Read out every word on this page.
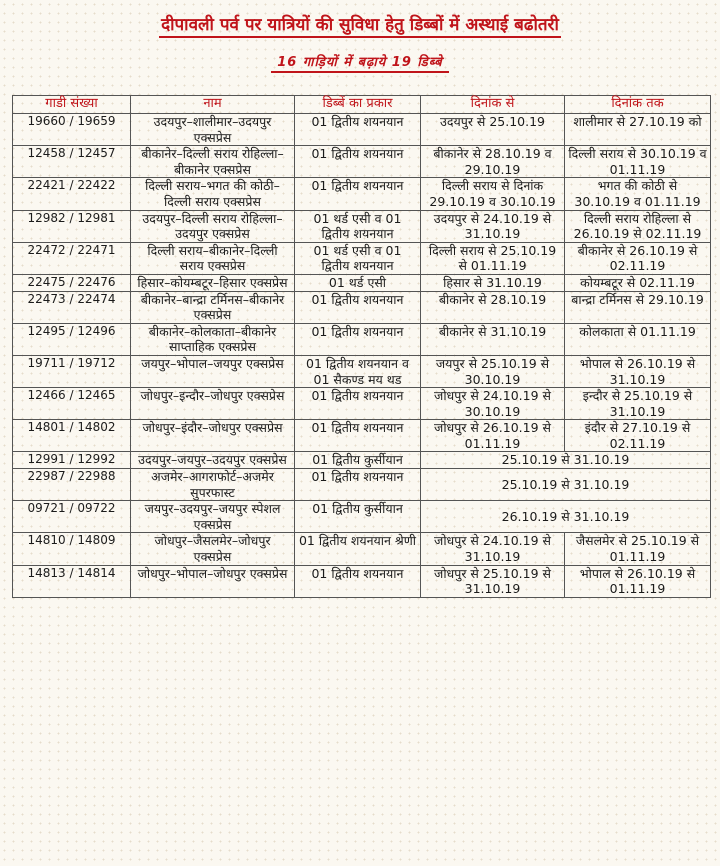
दीपावली पर्व पर यात्रियों की सुविधा हेतु डिब्बों में अस्थाई बढोतरी
16 गाड़ियों में बढ़ाये 19 डिब्बे
गाडी संख्या	नाम	डिब्बें का प्रकार	दिनांक से	दिनांक तक
19660 / 19659	उदयपुर–शालीमार–उदयपुर एक्सप्रेस	01 द्वितीय शयनयान	उदयपुर से 25.10.19	शालीमार से 27.10.19 को
12458 / 12457	बीकानेर–दिल्ली सराय रोहिल्ला–बीकानेर एक्सप्रेस	01 द्वितीय शयनयान	बीकानेर से 28.10.19 व 29.10.19	दिल्ली सराय से 30.10.19 व 01.11.19
22421 / 22422	दिल्ली सराय–भगत की कोठी–दिल्ली सराय एक्सप्रेस	01 द्वितीय शयनयान	दिल्ली सराय से दिनांक 29.10.19 व 30.10.19	भगत की कोठी से 30.10.19 व 01.11.19
12982 / 12981	उदयपुर–दिल्ली सराय रोहिल्ला–उदयपुर एक्सप्रेस	01 थर्ड एसी व 01 द्वितीय शयनयान	उदयपुर से 24.10.19 से 31.10.19	दिल्ली सराय रोहिल्ला से 26.10.19 से 02.11.19
22472 / 22471	दिल्ली सराय–बीकानेर–दिल्ली सराय एक्सप्रेस	01 थर्ड एसी व 01 द्वितीय शयनयान	दिल्ली सराय से 25.10.19 से 01.11.19	बीकानेर से 26.10.19 से 02.11.19
22475 / 22476	हिसार–कोयम्बटूर–हिसार एक्सप्रेस	01 थर्ड एसी	हिसार से 31.10.19	कोयम्बटूर से 02.11.19
22473 / 22474	बीकानेर–बान्द्रा टर्मिनस–बीकानेर एक्सप्रेस	01 द्वितीय शयनयान	बीकानेर से 28.10.19	बान्द्रा टर्मिनस से 29.10.19
12495 / 12496	बीकानेर–कोलकाता–बीकानेर साप्ताहिक एक्सप्रेस	01 द्वितीय शयनयान	बीकानेर से 31.10.19	कोलकाता से 01.11.19
19711 / 19712	जयपुर–भोपाल–जयपुर एक्सप्रेस	01 द्वितीय शयनयान व 01 सैकण्ड मय थड	जयपुर से 25.10.19 से 30.10.19	भोपाल से 26.10.19 से 31.10.19
12466 / 12465	जोधपुर–इन्दौर–जोधपुर एक्सप्रेस	01 द्वितीय शयनयान	जोधपुर से 24.10.19 से 30.10.19	इन्दौर से 25.10.19 से 31.10.19
14801 / 14802	जोधपुर–इंदौर–जोधपुर एक्सप्रेस	01 द्वितीय शयनयान	जोधपुर से 26.10.19 से 01.11.19	इंदौर से 27.10.19 से 02.11.19
12991 / 12992	उदयपुर–जयपुर–उदयपुर एक्सप्रेस	01 द्वितीय कुर्सीयान	25.10.19 से 31.10.19	
22987 / 22988	अजमेर–आगराफोर्ट–अजमेर सुपरफास्ट	01 द्वितीय शयनयान	25.10.19 से 31.10.19	
09721 / 09722	जयपुर–उदयपुर–जयपुर स्पेशल एक्सप्रेस	01 द्वितीय कुर्सीयान	26.10.19 से 31.10.19	
14810 / 14809	जोधपुर–जैसलमेर–जोधपुर एक्सप्रेस	01 द्वितीय शयनयान श्रेणी	जोधपुर से 24.10.19 से 31.10.19	जैसलमेर से 25.10.19 से 01.11.19
14813 / 14814	जोधपुर–भोपाल–जोधपुर एक्सप्रेस	01 द्वितीय शयनयान	जोधपुर से 25.10.19 से 31.10.19	भोपाल से 26.10.19 से 01.11.19
